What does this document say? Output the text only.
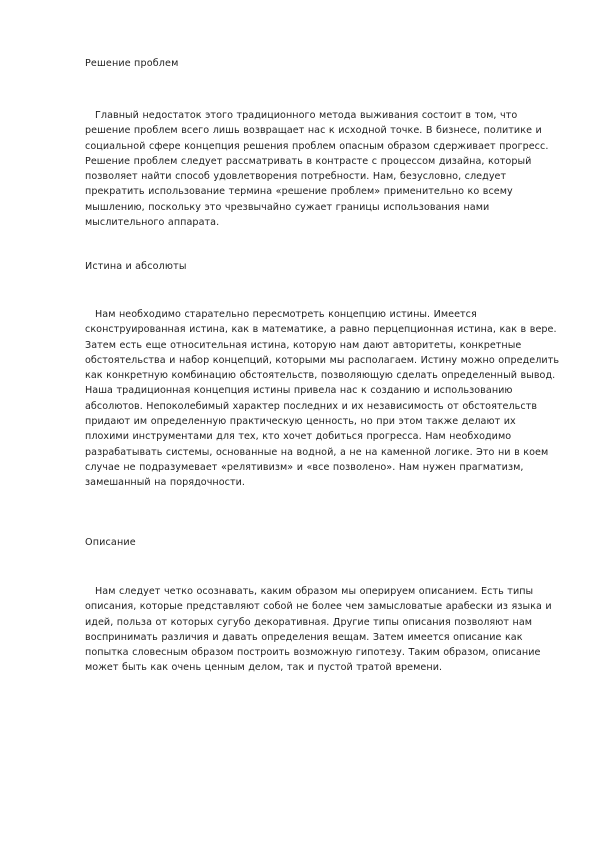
Решение проблем
Главный недостаток этого традиционного метода выживания состоит в том, что решение проблем всего лишь возвращает нас к исходной точке. В бизнесе, политике и социальной сфере концепция решения проблем опасным образом сдерживает прогресс. Решение проблем следует рассматривать в контрасте с процессом дизайна, который позволяет найти способ удовлетворения потребности. Нам, безусловно, следует прекратить использование термина «решение проблем» применительно ко всему мышлению, поскольку это чрезвычайно сужает границы использования нами мыслительного аппарата.
Истина и абсолюты
Нам необходимо старательно пересмотреть концепцию истины. Имеется сконструированная истина, как в математике, а равно перцепционная истина, как в вере. Затем есть еще относительная истина, которую нам дают авторитеты, конкретные обстоятельства и набор концепций, которыми мы располагаем. Истину можно определить как конкретную комбинацию обстоятельств, позволяющую сделать определенный вывод. Наша традиционная концепция истины привела нас к созданию и использованию абсолютов. Непоколебимый характер последних и их независимость от обстоятельств придают им определенную практическую ценность, но при этом также делают их плохими инструментами для тех, кто хочет добиться прогресса. Нам необходимо разрабатывать системы, основанные на водной, а не на каменной логике. Это ни в коем случае не подразумевает «релятивизм» и «все позволено». Нам нужен прагматизм, замешанный на порядочности.
Описание
Нам следует четко осознавать, каким образом мы оперируем описанием. Есть типы описания, которые представляют собой не более чем замысловатые арабески из языка и идей, польза от которых сугубо декоративная. Другие типы описания позволяют нам воспринимать различия и давать определения вещам. Затем имеется описание как попытка словесным образом построить возможную гипотезу. Таким образом, описание может быть как очень ценным делом, так и пустой тратой времени.
